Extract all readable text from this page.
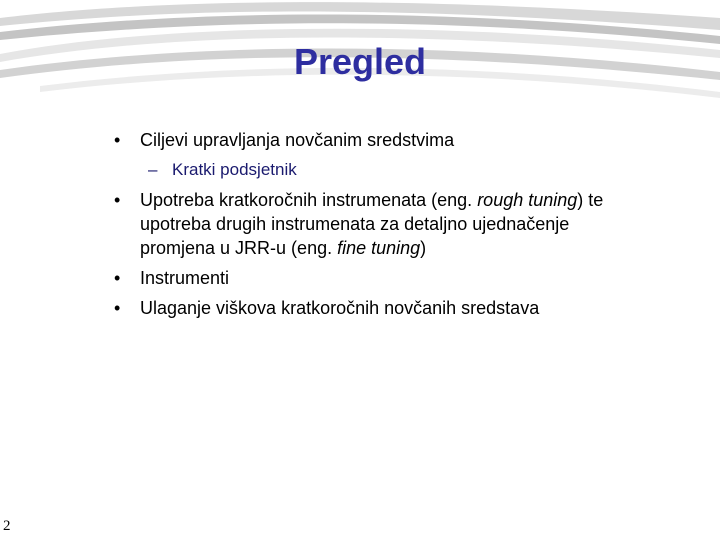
Pregled
• Ciljevi upravljanja novčanim sredstvima
– Kratki podsjetnik
• Upotreba kratkoročnih instrumenata (eng. rough tuning) te upotreba drugih instrumenata za detaljno ujednačenje promjena u JRR-u (eng. fine tuning)
• Instrumenti
• Ulaganje viškova kratkoročnih novčanih sredstava
2
